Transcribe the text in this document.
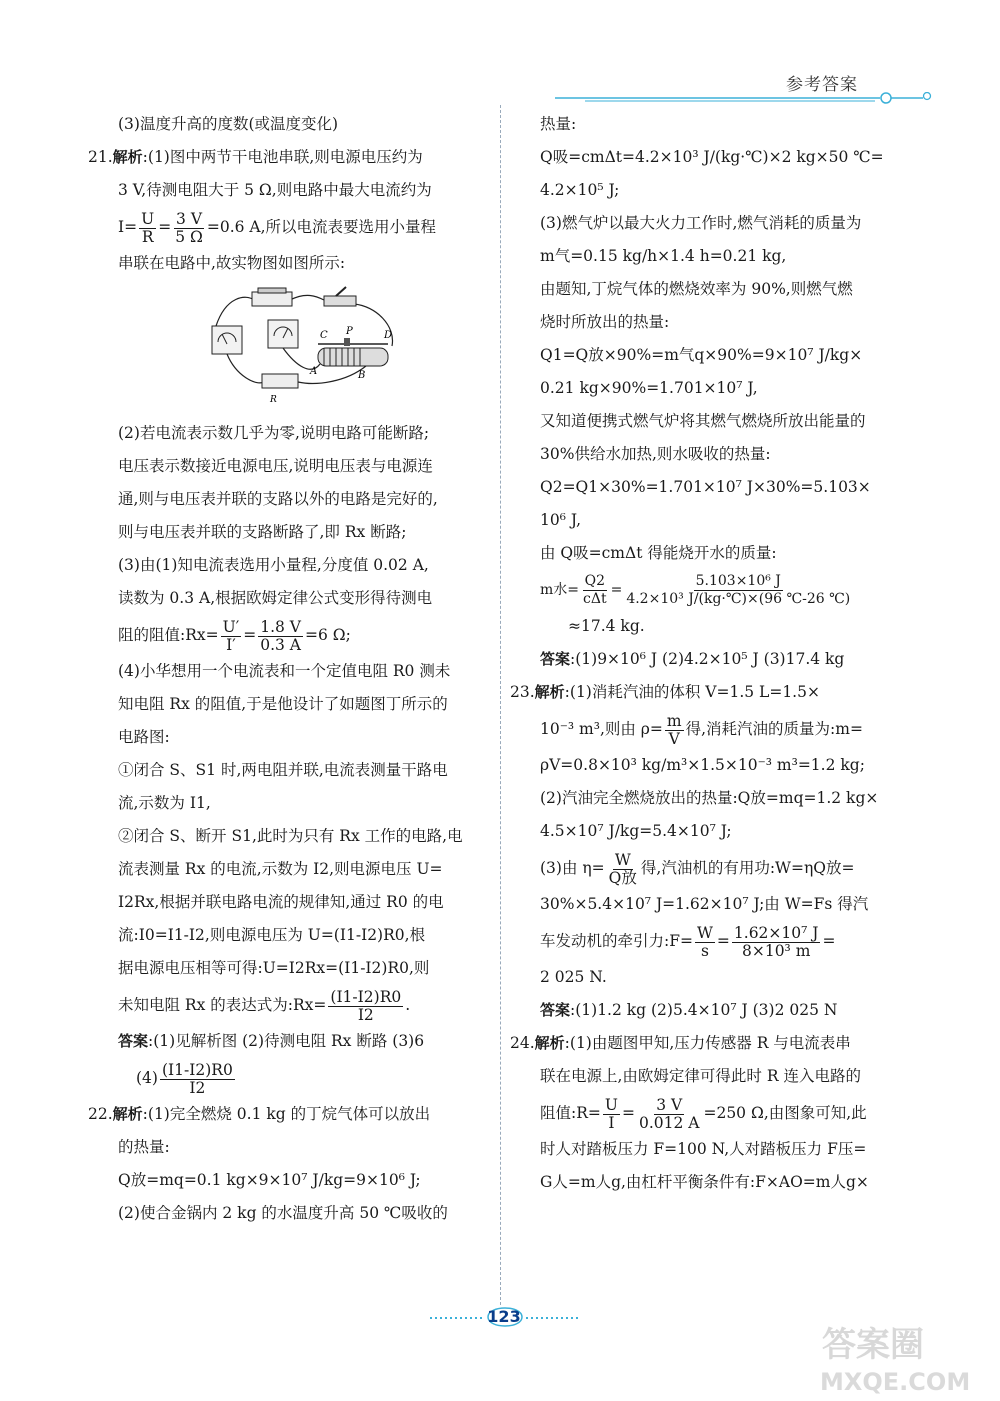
参考答案

(3)温度升高的度数(或温度变化)

21.解析:(1)图中两节干电池串联,则电源电压约为

3 V,待测电阻大于 5 Ω,则电路中最大电流约为

$I= \frac{U}{R} = \frac{3 V}{5 \Omega} =0.6$ A,所以电流表要选用小量程

串联在电路中,故实物图如图所示:

C P	D
A	B
R

(2)若电流表示数几乎为零,说明电路可能断路;

电压表示数接近电源电压,说明电压表与电源连

通,则与电压表并联的支路以外的电路是完好的,

则与电压表并联的支路断路了,即 Rx 断路;

(3)由(1)知电流表选用小量程,分度值 0.02 A,

读数为 0.3 A,根据欧姆定律公式变形得待测电

阻的阻值:Rx= $\frac{U'}{I'} = \frac{1.8 V}{0.3 A} =6$ Ω;

(4)小华想用一个电流表和一个定值电阻 R0 测未

知电阻 Rx 的阻值,于是他设计了如题图丁所示的

电路图:

①闭合 S、S1 时,两电阻并联,电流表测量干路电

流,示数为 I1,

②闭合 S、断开 S1,此时为只有 Rx 工作的电路,电

流表测量 Rx 的电流,示数为 I2,则电源电压 U=

I2Rx,根据并联电路电流的规律知,通过 R0 的电

流:I0=I1-I2,则电源电压为 U=(I1-I2)R0,根

据电源电压相等可得:U=I2Rx=(I1-I2)R0,则

未知电阻 Rx 的表达式为:Rx= $\frac{(I1-I2)R0}{I2}$ .

答案:(1)见解析图 (2)待测电阻 Rx 断路 (3)6

$(4) \frac{(I1-I2)R0}{I2}$

22.解析:(1)完全燃烧 0.1 kg 的丁烷气体可以放出

的热量:

Q放=mq=0.1 kg×9×10⁷ J/kg=9×10⁶ J;

(2)使合金锅内 2 kg 的水温度升高 50 ℃吸收的

热量:

Q吸=cmΔt=4.2×10³ J/(kg·℃)×2 kg×50 ℃=

4.2×10⁵ J;

(3)燃气炉以最大火力工作时,燃气消耗的质量为

m气=0.15 kg/h×1.4 h=0.21 kg,

由题知,丁烷气体的燃烧效率为 90%,则燃气燃

烧时所放出的热量:

Q1=Q放×90%=m气q×90%=9×10⁷ J/kg×

0.21 kg×90%=1.701×10⁷ J,

又知道便携式燃气炉将其燃气燃烧所放出能量的

30%供给水加热,则水吸收的热量:

Q2=Q1×30%=1.701×10⁷ J×30%=5.103×

10⁶ J,

由 Q吸=cmΔt 得能烧开水的质量:

m水= $\frac{Q2}{\text{cΔt}} = \frac{\text{5.103×10⁶ J}}{\text{4.2×10³ J/(kg·℃)×(96 ℃-26 ℃)}}$

≈17.4 kg.

答案:(1)9×10⁶ J (2)4.2×10⁵ J (3)17.4 kg

23.解析:(1)消耗汽油的体积 V=1.5 L=1.5×

10⁻³ m³,则由 $\rho= \frac{m}{V}$ 得,消耗汽油的质量为:m=

ρV=0.8×10³ kg/m³×1.5×10⁻³ m³=1.2 kg;

(2)汽油完全燃烧放出的热量:Q放=mq=1.2 kg×

4.5×10⁷ J/kg=5.4×10⁷ J;

(3)由 $\eta= \frac{W}{\text{Q放}}$ 得,汽油机的有用功:W=ηQ放=

30%×5.4×10⁷ J=1.62×10⁷ J;由 W=Fs 得汽

车发动机的牵引力:F= $\frac{W}{s} = \frac{\text{1.62×10⁷ J}}{\text{8×10³ m}}$ =

2 025 N.

答案:(1)1.2 kg (2)5.4×10⁷ J (3)2 025 N

24.解析:(1)由题图甲知,压力传感器 R 与电流表串

联在电源上,由欧姆定律可得此时 R 连入电路的

阻值:R= $\frac{U}{I} = \frac{3 V}{0.012 A} =250$ Ω,由图象可知,此

时人对踏板压力 F=100 N,人对踏板压力 F压=

G人=m人g,由杠杆平衡条件有:F×AO=m人g×

123
答案圈
MXQE.COM
